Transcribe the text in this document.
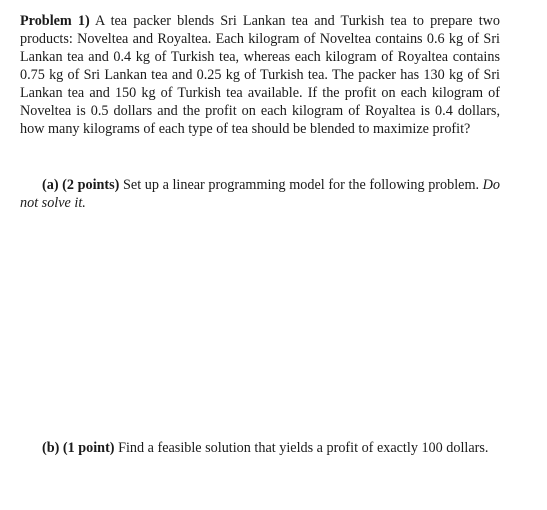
Problem 1) A tea packer blends Sri Lankan tea and Turkish tea to prepare two products: Noveltea and Royaltea. Each kilogram of Noveltea contains 0.6 kg of Sri Lankan tea and 0.4 kg of Turkish tea, whereas each kilogram of Royaltea contains 0.75 kg of Sri Lankan tea and 0.25 kg of Turkish tea. The packer has 130 kg of Sri Lankan tea and 150 kg of Turkish tea available. If the profit on each kilogram of Noveltea is 0.5 dollars and the profit on each kilogram of Royaltea is 0.4 dollars, how many kilograms of each type of tea should be blended to maximize profit?

(a) (2 points) Set up a linear programming model for the following problem. Do not solve it.

(b) (1 point) Find a feasible solution that yields a profit of exactly 100 dollars.
